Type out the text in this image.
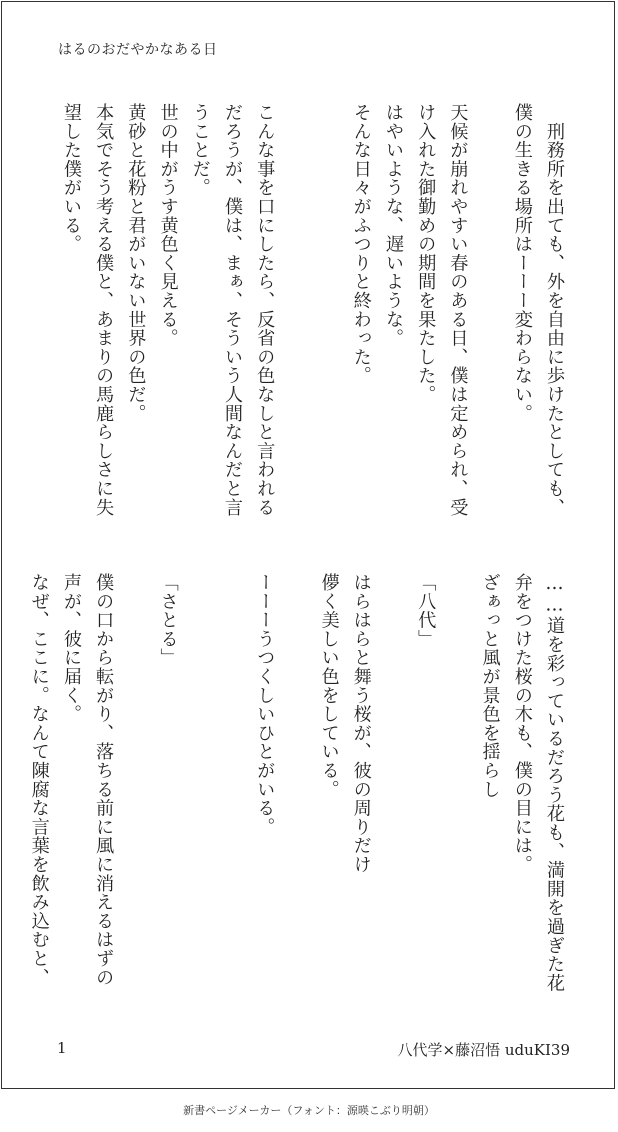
はるのおだやかなある日

　刑務所を出ても、外を自由に歩けたとしても、

僕の生きる場所はーーー変わらない。

天候が崩れやすい春のある日、僕は定められ、受

け入れた御勤めの期間を果たした。

はやいような、遅いような。

そんな日々がふつりと終わった。

こんな事を口にしたら、反省の色なしと言われる

だろうが、僕は、まぁ、そういう人間なんだと言

うことだ。

世の中がうす黄色く見える。

黄砂と花粉と君がいない世界の色だ。

本気でそう考える僕と、あまりの馬鹿らしさに失

望した僕がいる。

……道を彩っているだろう花も、満開を過ぎた花

弁をつけた桜の木も、僕の目には。

ざぁっと風が景色を揺らし

「八代」

はらはらと舞う桜が、彼の周りだけ

儚く美しい色をしている。

ーーーうつくしいひとがいる。

「さとる」

僕の口から転がり、落ちる前に風に消えるはずの

声が、彼に届く。

なぜ、ここに。なんて陳腐な言葉を飲み込むと、

1	八代学×藤沼悟 uduKI39
新書ページメーカー（フォント：源暎こぶり明朝）
